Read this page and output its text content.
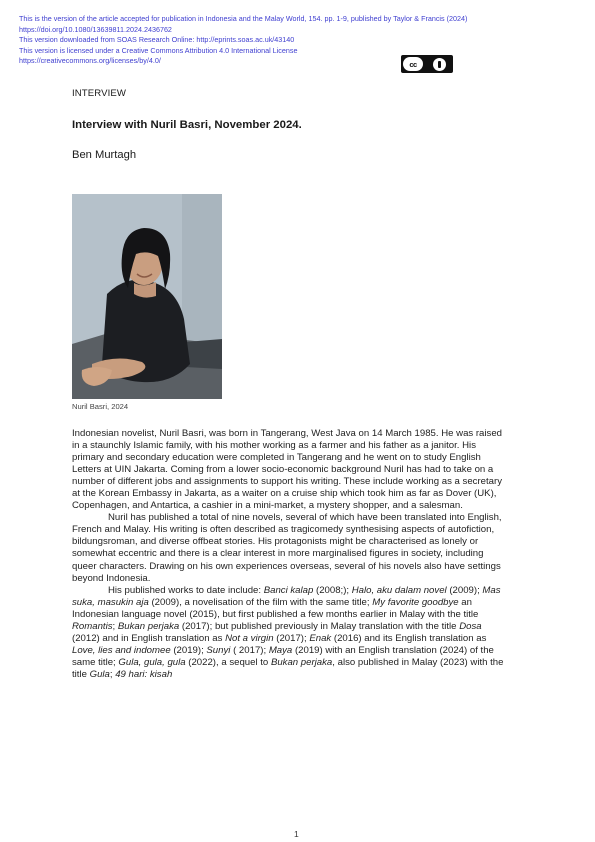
This is the version of the article accepted for publication in Indonesia and the Malay World, 154. pp. 1-9, published by Taylor & Francis (2024)
https://doi.org/10.1080/13639811.2024.2436762
This version downloaded from SOAS Research Online: http://eprints.soas.ac.uk/43140
This version is licensed under a Creative Commons Attribution 4.0 International License
https://creativecommons.org/licenses/by/4.0/	cc
INTERVIEW
Interview with Nuril Basri, November 2024.
Ben Murtagh
Nuril Basri, 2024

Indonesian novelist, Nuril Basri, was born in Tangerang, West Java on 14 March 1985. He was raised in a staunchly Islamic family, with his mother working as a farmer and his father as a janitor. His primary and secondary education were completed in Tangerang and he went on to study English Letters at UIN Jakarta. Coming from a lower socio-economic background Nuril has had to take on a number of different jobs and assignments to support his writing. These include working as a secretary at the Korean Embassy in Jakarta, as a waiter on a cruise ship which took him as far as Dover (UK), Copenhagen, and Antartica, a cashier in a mini-market, a mystery shopper, and a salesman.

Nuril has published a total of nine novels, several of which have been translated into English, French and Malay. His writing is often described as tragicomedy synthesising aspects of autofiction, bildungsroman, and diverse offbeat stories. His protagonists might be characterised as lonely or somewhat eccentric and there is a clear interest in more marginalised figures in society, including queer characters. Drawing on his own experiences overseas, several of his novels also have settings beyond Indonesia.

His published works to date include: Banci kalap (2008;); Halo, aku dalam novel (2009); Mas suka, masukin aja (2009), a novelisation of the film with the same title; My favorite goodbye an Indonesian language novel (2015), but first published a few months earlier in Malay with the title Romantis; Bukan perjaka (2017); but published previously in Malay translation with the title Dosa (2012) and in English translation as Not a virgin (2017); Enak (2016) and its English translation as Love, lies and indomee (2019); Sunyi ( 2017); Maya (2019) with an English translation (2024) of the same title; Gula, gula, gula (2022), a sequel to Bukan perjaka, also published in Malay (2023) with the title Gula; 49 hari: kisah

1
